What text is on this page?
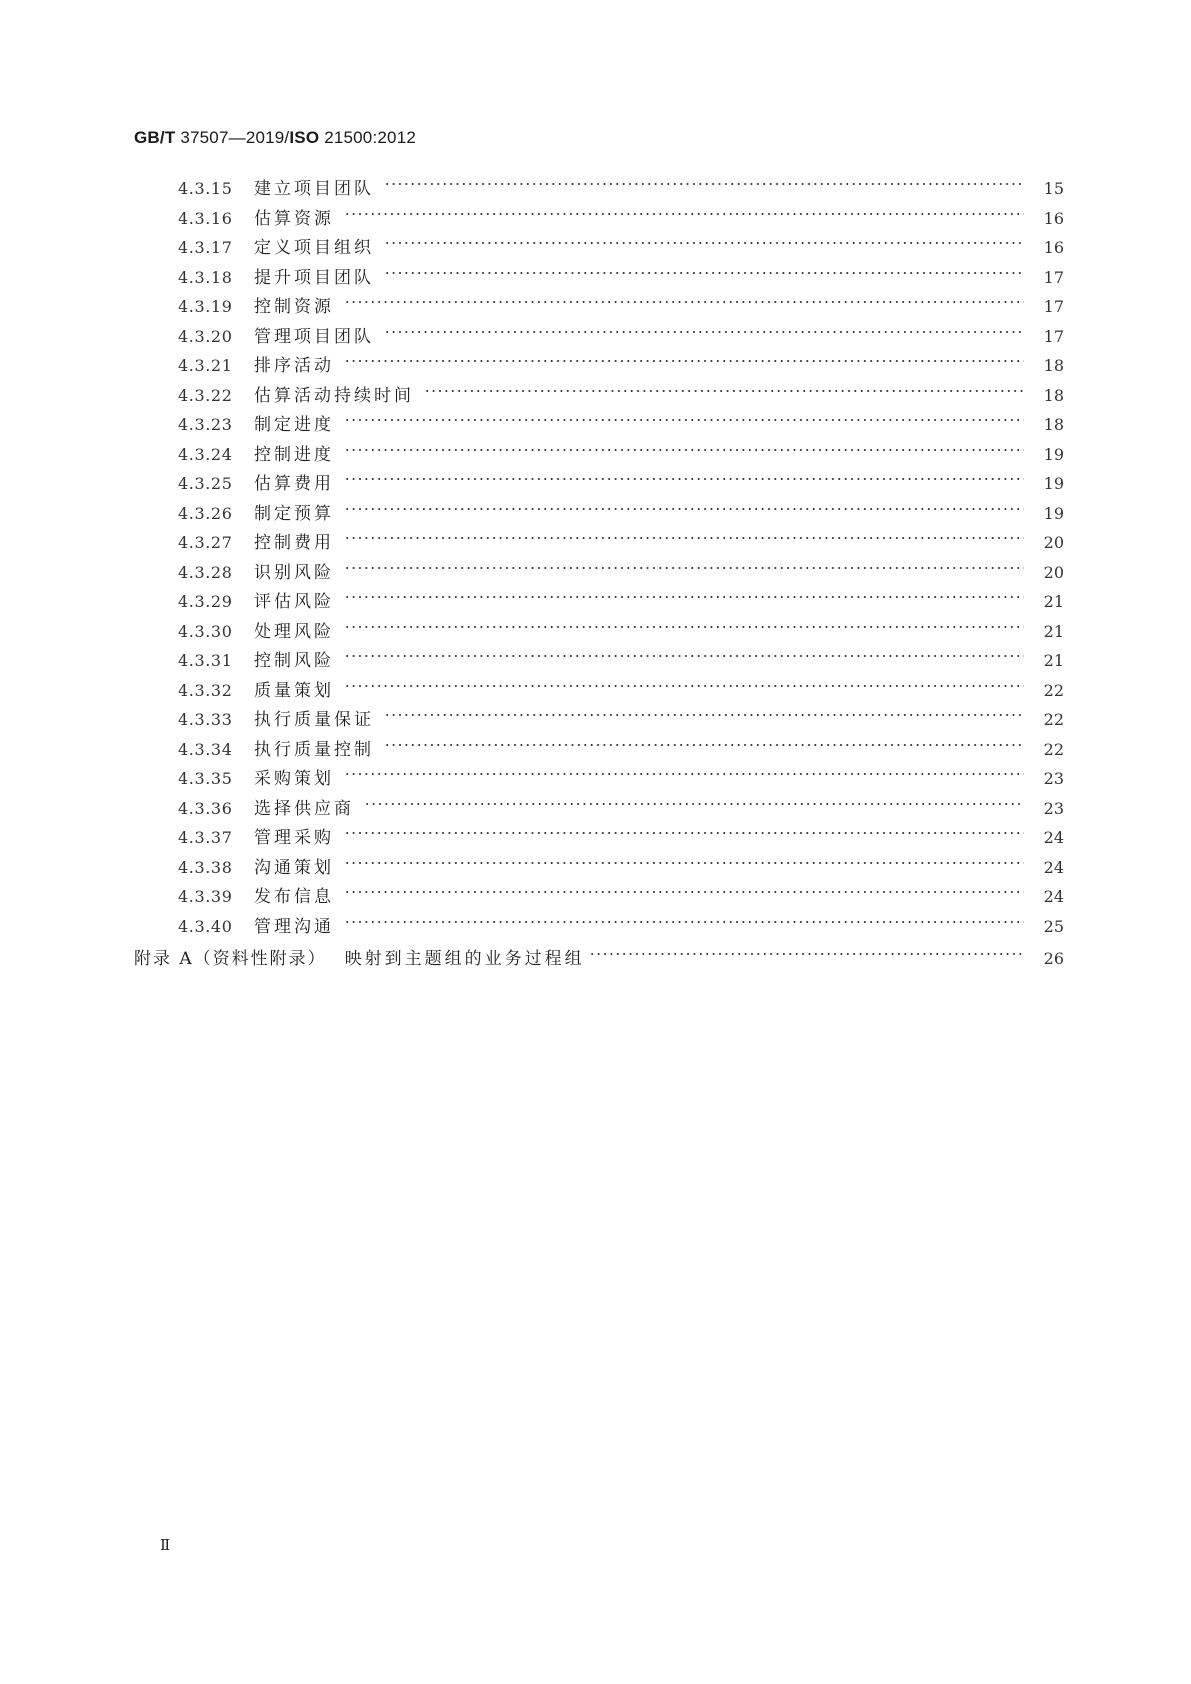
GB/T 37507—2019/ISO 21500:2012
4.3.15	建立项目团队	15
4.3.16	估算资源	16
4.3.17	定义项目组织	16
4.3.18	提升项目团队	17
4.3.19	控制资源	17
4.3.20	管理项目团队	17
4.3.21	排序活动	18
4.3.22	估算活动持续时间	18
4.3.23	制定进度	18
4.3.24	控制进度	19
4.3.25	估算费用	19
4.3.26	制定预算	19
4.3.27	控制费用	20
4.3.28	识别风险	20
4.3.29	评估风险	21
4.3.30	处理风险	21
4.3.31	控制风险	21
4.3.32	质量策划	22
4.3.33	执行质量保证	22
4.3.34	执行质量控制	22
4.3.35	采购策划	23
4.3.36	选择供应商	23
4.3.37	管理采购	24
4.3.38	沟通策划	24
4.3.39	发布信息	24
4.3.40	管理沟通	25
附录 A（资料性附录）	映射到主题组的业务过程组	26
Ⅱ
